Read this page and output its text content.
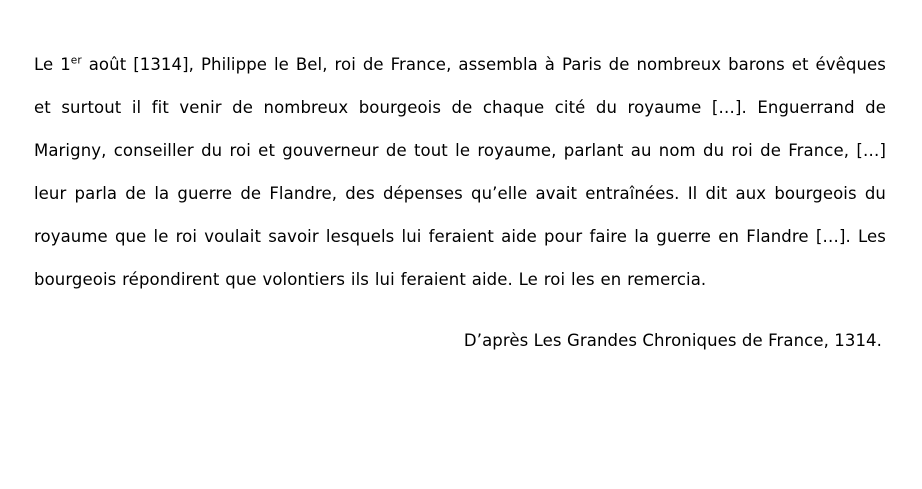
Le 1er août [1314], Philippe le Bel, roi de France, assembla à Paris de nombreux barons et évêques et surtout il fit venir de nombreux bourgeois de chaque cité du royaume […]. Enguerrand de Marigny, conseiller du roi et gouverneur de tout le royaume, parlant au nom du roi de France, […] leur parla de la guerre de Flandre, des dépenses qu’elle avait entraînées. Il dit aux bourgeois du royaume que le roi voulait savoir lesquels lui feraient aide pour faire la guerre en Flandre […]. Les bourgeois répondirent que volontiers ils lui feraient aide. Le roi les en remercia.

D’après Les Grandes Chroniques de France, 1314.
